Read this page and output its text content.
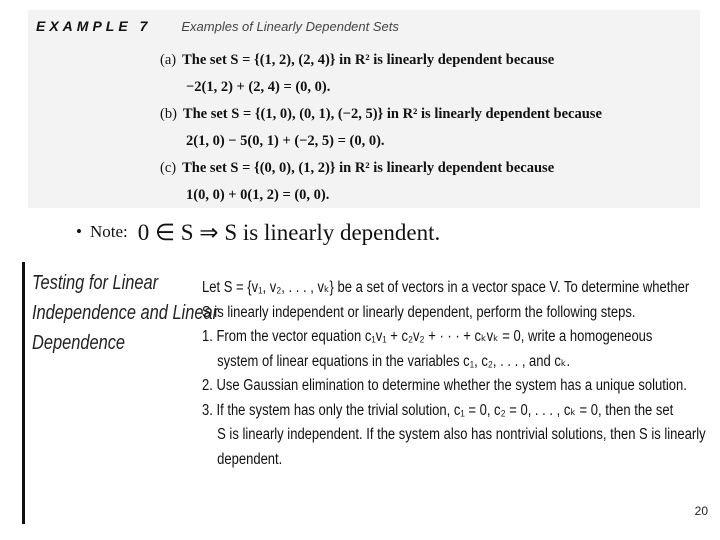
EXAMPLE 7 Examples of Linearly Dependent Sets
(a) The set S = {(1, 2), (2, 4)} in R² is linearly dependent because
−2(1, 2) + (2, 4) = (0, 0).
(b) The set S = {(1, 0), (0, 1), (−2, 5)} in R² is linearly dependent because
2(1, 0) − 5(0, 1) + (−2, 5) = (0, 0).
(c) The set S = {(0, 0), (1, 2)} in R² is linearly dependent because
1(0, 0) + 0(1, 2) = (0, 0).
• Note: 0 ∈ S ⇒ S is linearly dependent.
Testing for Linear
Independence and Linear
Dependence
Let S = {v₁, v₂, . . . , vₖ} be a set of vectors in a vector space V. To determine whether
S is linearly independent or linearly dependent, perform the following steps.
1. From the vector equation c₁v₁ + c₂v₂ + · · · + cₖvₖ = 0, write a homogeneous
system of linear equations in the variables c₁, c₂, . . . , and cₖ.
2. Use Gaussian elimination to determine whether the system has a unique solution.
3. If the system has only the trivial solution, c₁ = 0, c₂ = 0, . . . , cₖ = 0, then the set
S is linearly independent. If the system also has nontrivial solutions, then S is linearly
dependent.
20
